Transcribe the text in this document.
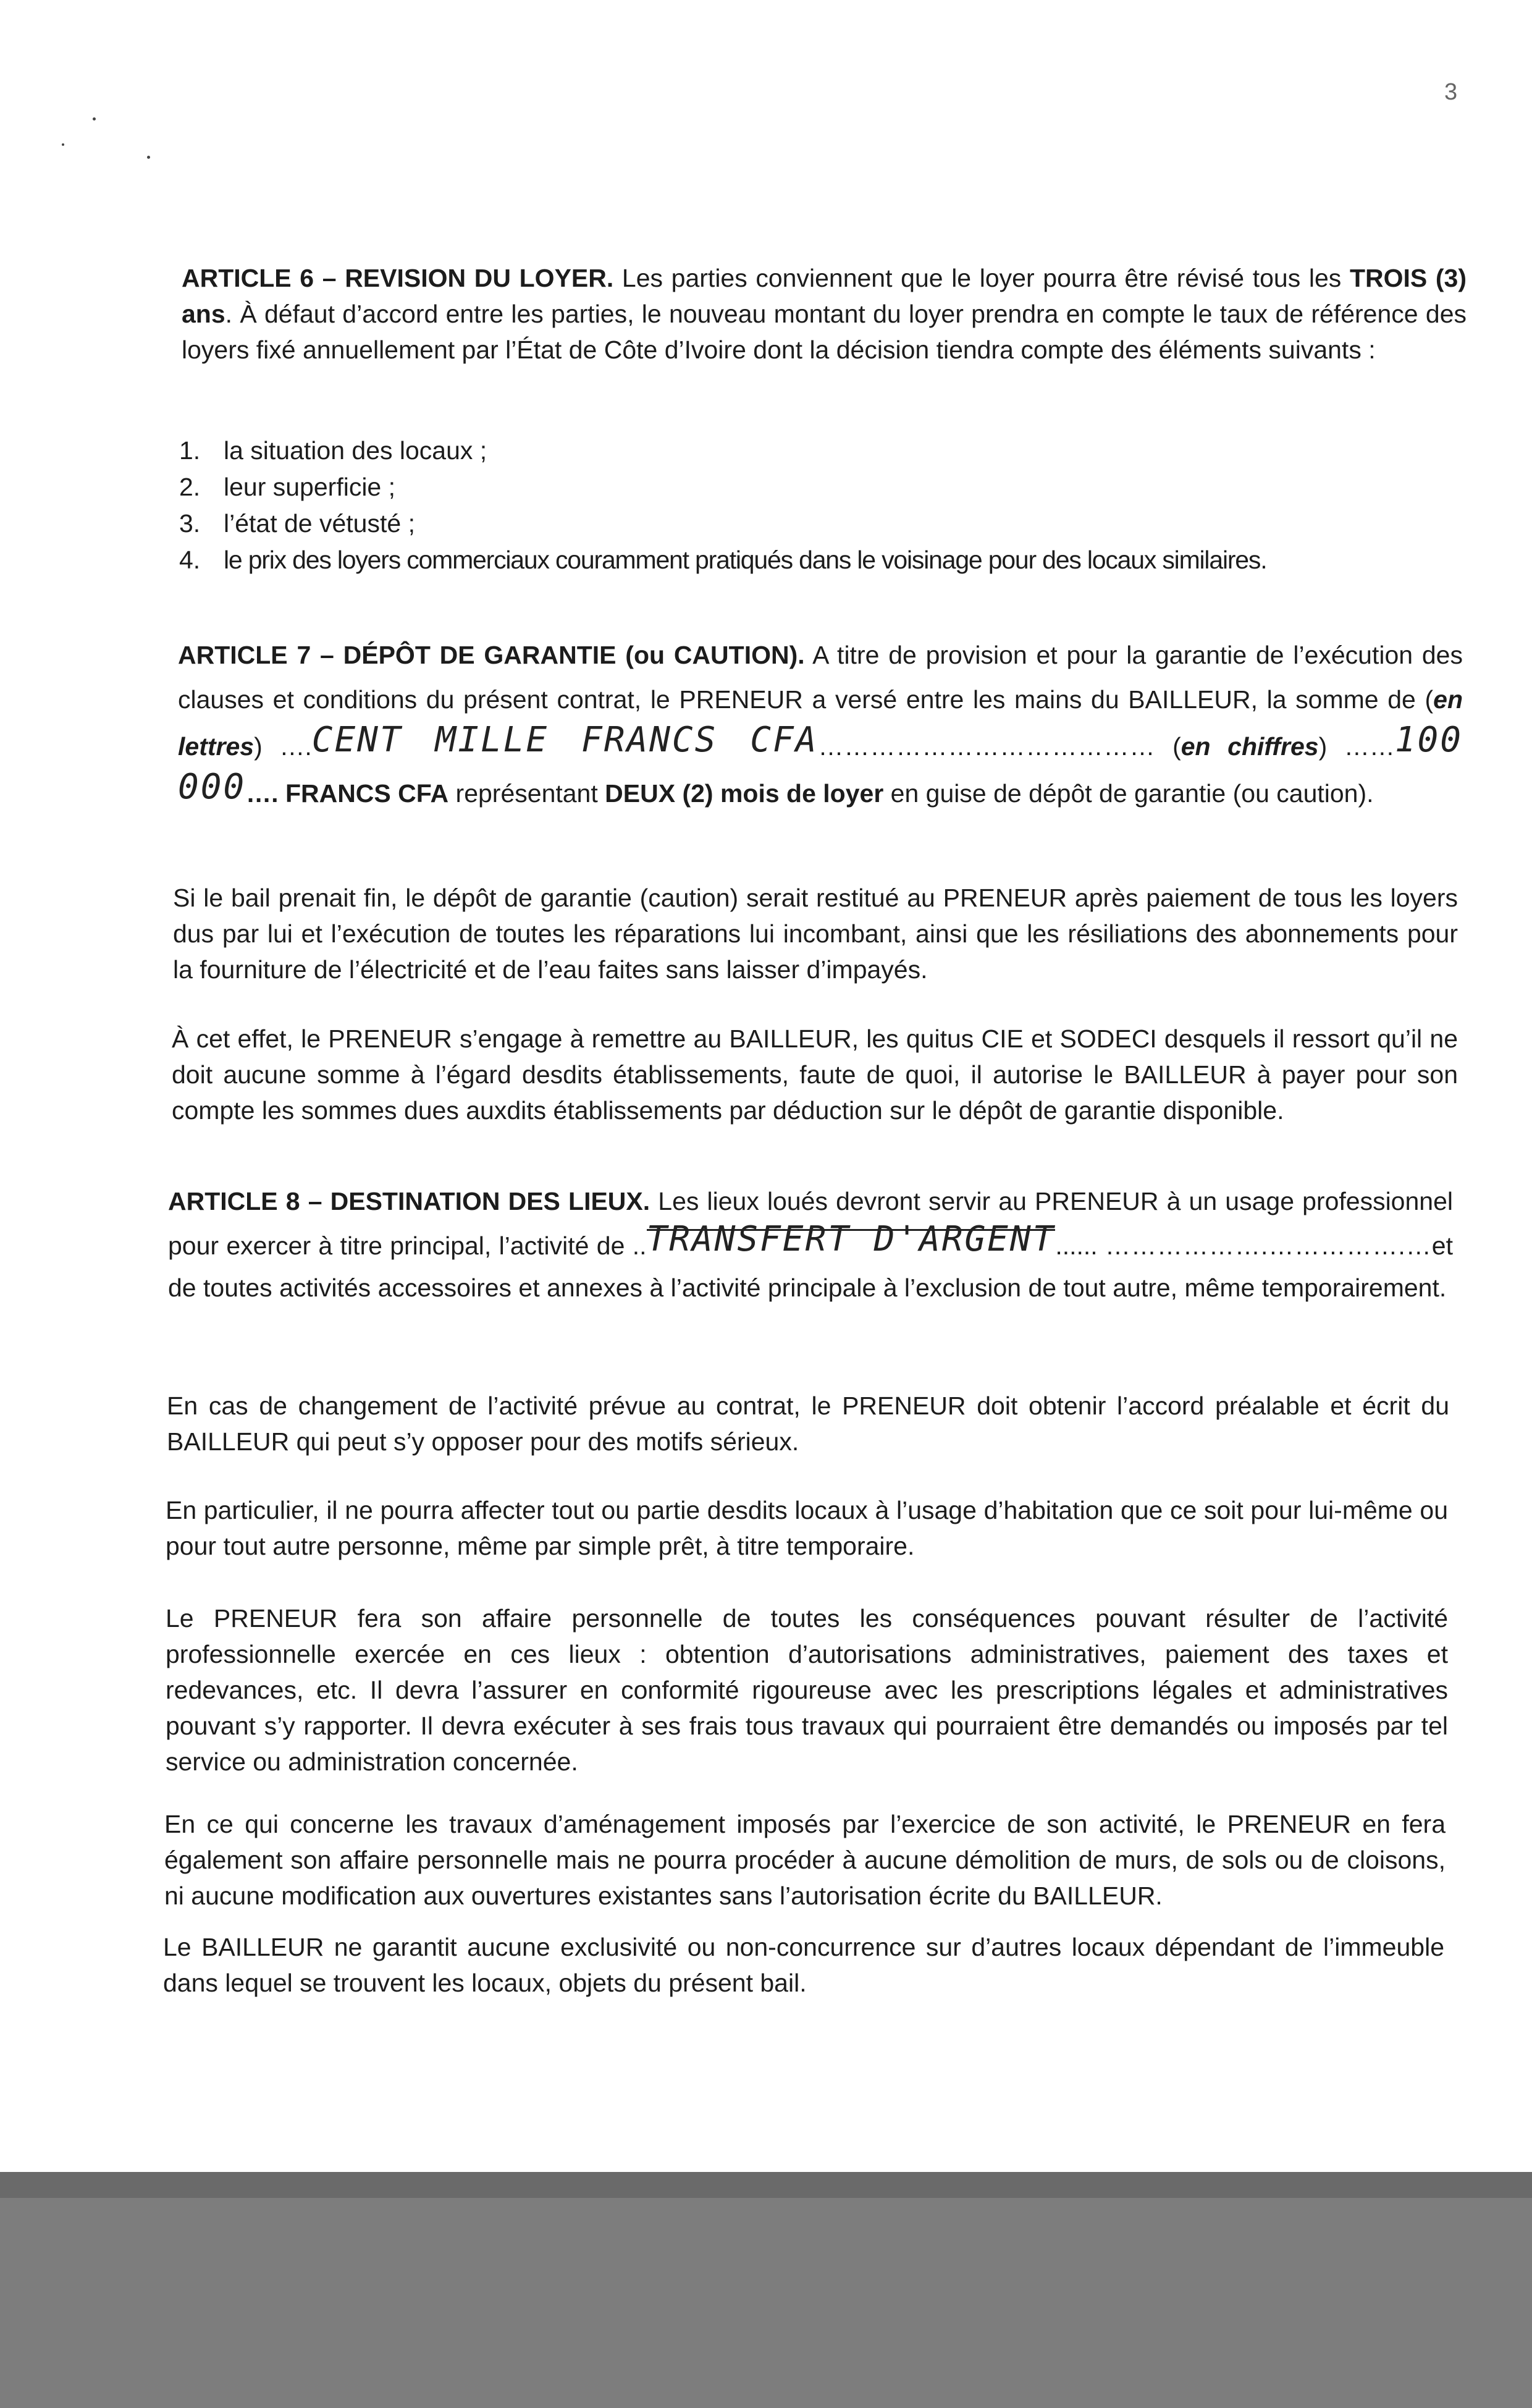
3
ARTICLE 6 – REVISION DU LOYER. Les parties conviennent que le loyer pourra être révisé tous les TROIS (3) ans. À défaut d’accord entre les parties, le nouveau montant du loyer prendra en compte le taux de référence des loyers fixé annuellement par l’État de Côte d’Ivoire dont la décision tiendra compte des éléments suivants :
1. la situation des locaux ;
2. leur superficie ;
3. l’état de vétusté ;
4. le prix des loyers commerciaux couramment pratiqués dans le voisinage pour des locaux similaires.
ARTICLE 7 – DÉPÔT DE GARANTIE (ou CAUTION). A titre de provision et pour la garantie de l’exécution des clauses et conditions du présent contrat, le PRENEUR a versé entre les mains du BAILLEUR, la somme de (en lettres) ….CENT MILLE FRANCS CFA………………………………… (en chiffres) ……100 000…. FRANCS CFA représentant DEUX (2) mois de loyer en guise de dépôt de garantie (ou caution).
Si le bail prenait fin, le dépôt de garantie (caution) serait restitué au PRENEUR après paiement de tous les loyers dus par lui et l’exécution de toutes les réparations lui incombant, ainsi que les résiliations des abonnements pour la fourniture de l’électricité et de l’eau faites sans laisser d’impayés.
À cet effet, le PRENEUR s’engage à remettre au BAILLEUR, les quitus CIE et SODECI desquels il ressort qu’il ne doit aucune somme à l’égard desdits établissements, faute de quoi, il autorise le BAILLEUR à payer pour son compte les sommes dues auxdits établissements par déduction sur le dépôt de garantie disponible.
ARTICLE 8 – DESTINATION DES LIEUX. Les lieux loués devront servir au PRENEUR à un usage professionnel pour exercer à titre principal, l’activité de ..TRANSFERT D'ARGENT...... ……………….…………….…et de toutes activités accessoires et annexes à l’activité principale à l’exclusion de tout autre, même temporairement.
En cas de changement de l’activité prévue au contrat, le PRENEUR doit obtenir l’accord préalable et écrit du BAILLEUR qui peut s’y opposer pour des motifs sérieux.
En particulier, il ne pourra affecter tout ou partie desdits locaux à l’usage d’habitation que ce soit pour lui-même ou pour tout autre personne, même par simple prêt, à titre temporaire.
Le PRENEUR fera son affaire personnelle de toutes les conséquences pouvant résulter de l’activité professionnelle exercée en ces lieux : obtention d’autorisations administratives, paiement des taxes et redevances, etc. Il devra l’assurer en conformité rigoureuse avec les prescriptions légales et administratives pouvant s’y rapporter. Il devra exécuter à ses frais tous travaux qui pourraient être demandés ou imposés par tel service ou administration concernée.
En ce qui concerne les travaux d’aménagement imposés par l’exercice de son activité, le PRENEUR en fera également son affaire personnelle mais ne pourra procéder à aucune démolition de murs, de sols ou de cloisons, ni aucune modification aux ouvertures existantes sans l’autorisation écrite du BAILLEUR.
Le BAILLEUR ne garantit aucune exclusivité ou non-concurrence sur d’autres locaux dépendant de l’immeuble dans lequel se trouvent les locaux, objets du présent bail.
